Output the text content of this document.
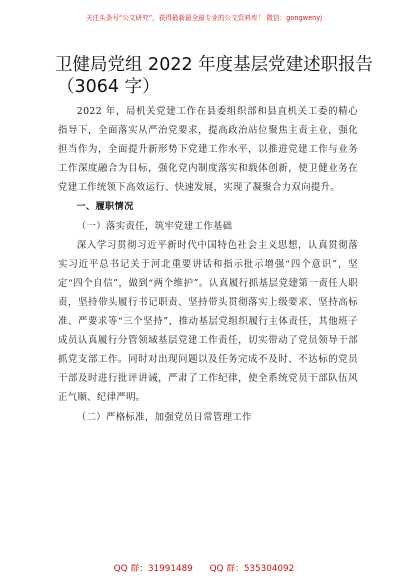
关注头条号“公文研究”，获得最新最全最专业的公文资料库！ 微信：gongwenyj
卫健局党组 2022 年度基层党建述职报告
（3064 字）

2022 年，局机关党建工作在县委组织部和县直机关工委的精心指导下，全面落实从严治党要求，提高政治站位聚焦主责主业，强化担当作为，全面提升新形势下党建工作水平，以推进党建工作与业务工作深度融合为目标，强化党内制度落实和载体创新，使卫健业务在党建工作统领下高效运行、快速发展，实现了凝聚合力双向提升。

一、履职情况

（一）落实责任，筑牢党建工作基础

深入学习贯彻习近平新时代中国特色社会主义思想，认真贯彻落实习近平总书记关于河北重要讲话和指示批示增强“四个意识”，坚定“四个自信”，做到“两个维护”。认真履行抓基层党建第一责任人职责，坚持带头履行书记职责、坚持带头贯彻落实上级要求、坚持高标准、严要求等“三个坚持”，推动基层党组织履行主体责任，其他班子成员认真履行分管领域基层党建工作责任，切实带动了党员领导干部抓党支部工作。同时对出现问题以及任务完成不及时、不达标的党员干部及时进行批评讲诫，严肃了工作纪律，使全系统党员干部队伍风正气顺、纪律严明。

（二）严格标准，加强党员日常管理工作

QQ 群：31991489 QQ 群：535304092
